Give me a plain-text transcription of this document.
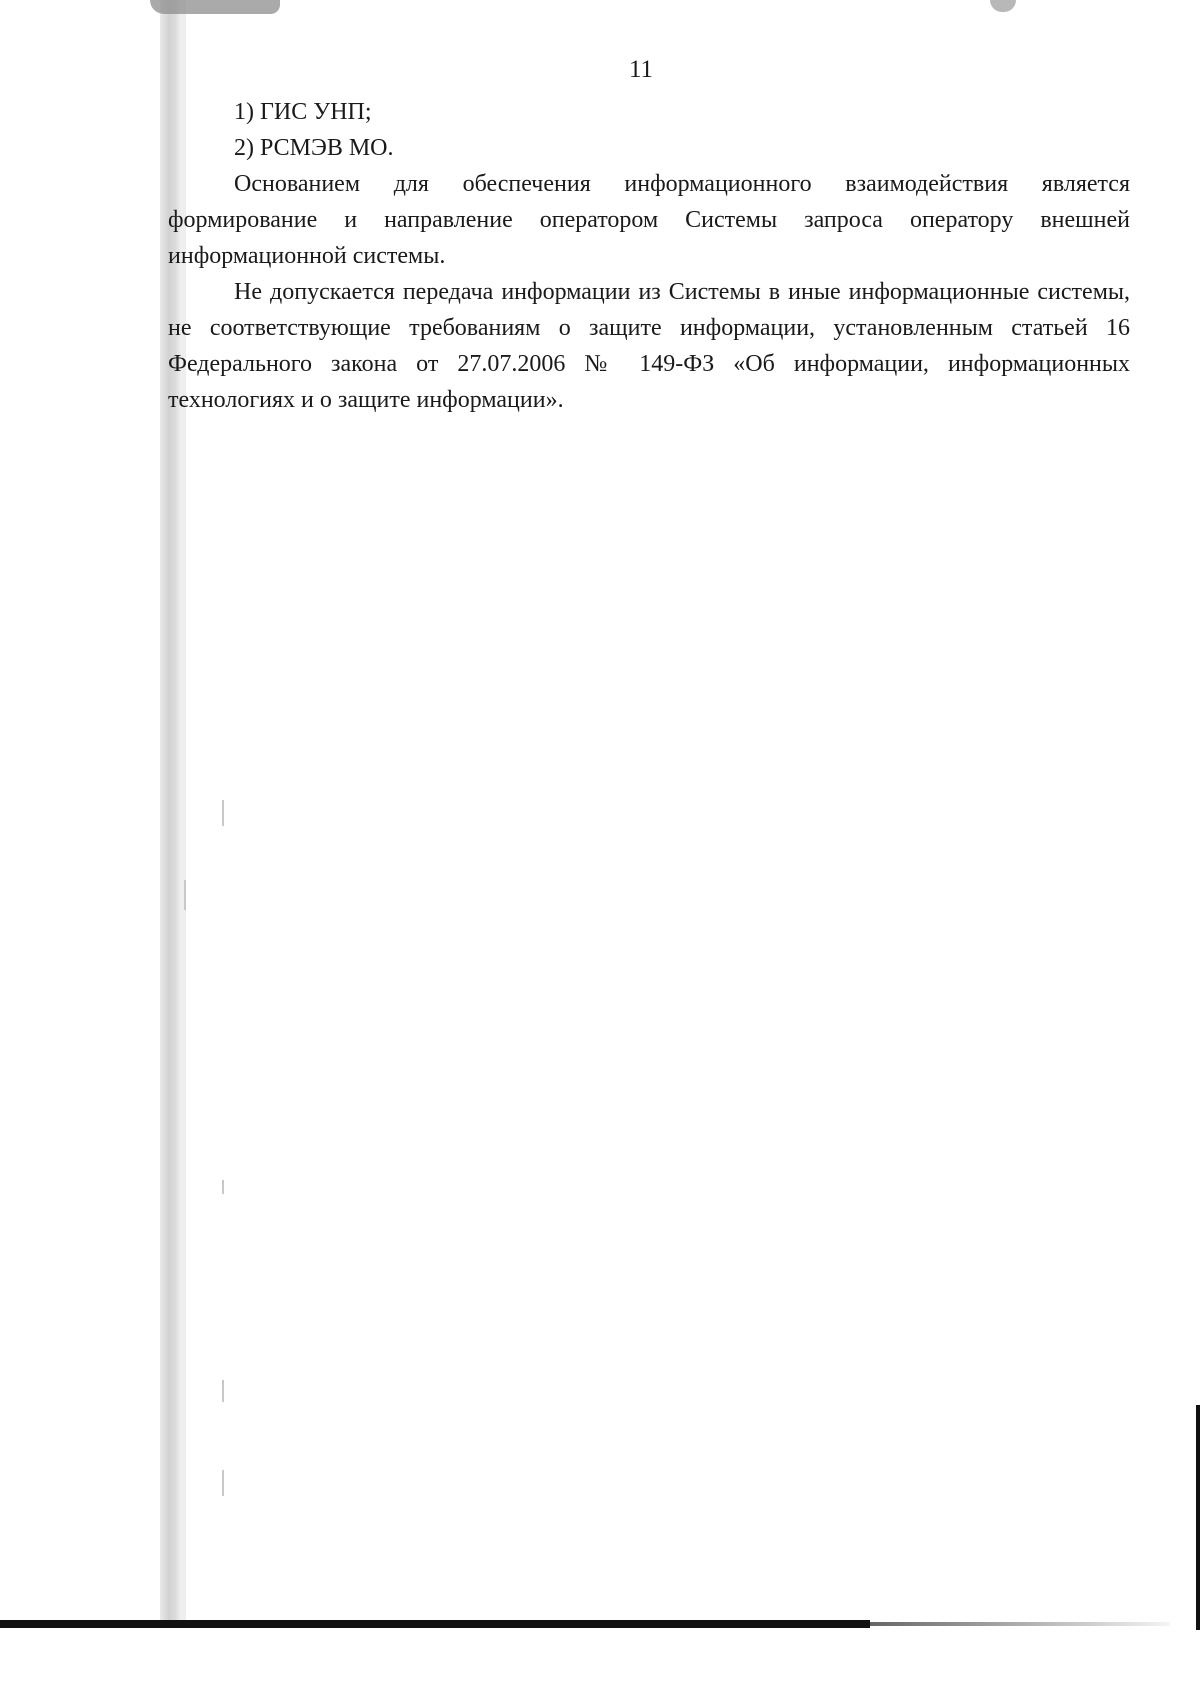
11

1) ГИС УНП;

2) РСМЭВ МО.

Основанием для обеспечения информационного взаимодействия является формирование и направление оператором Системы запроса оператору внешней информационной системы.

Не допускается передача информации из Системы в иные информационные системы, не соответствующие требованиям о защите информации, установленным статьей 16 Федерального закона от 27.07.2006 № 149-ФЗ «Об информации, информационных технологиях и о защите информации».
